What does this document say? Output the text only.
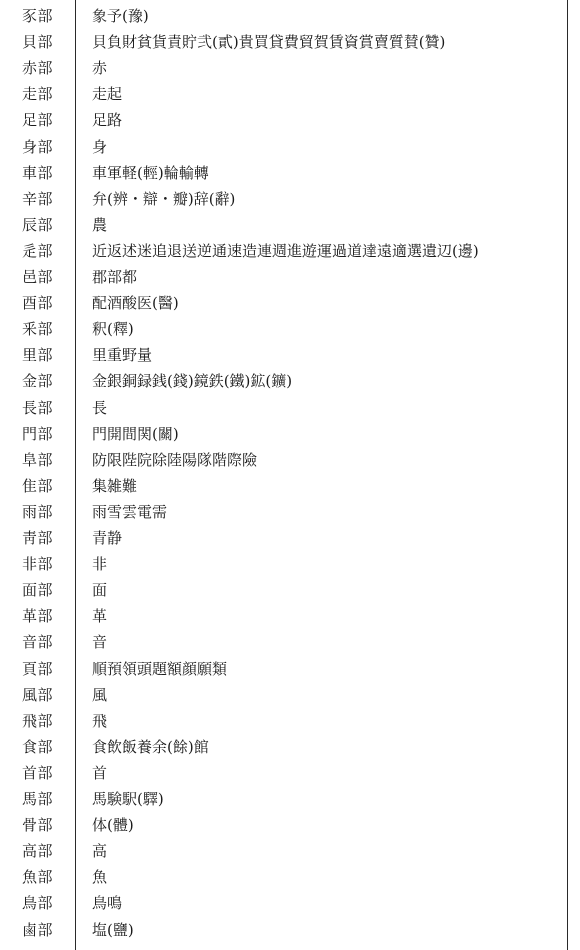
豕部	象予(豫)
貝部	貝負財貧貨責貯弐(貳)貴買貸費貿賀賃資賞賣質賛(贊)
赤部	赤
走部	走起
足部	足路
身部	身
車部	車軍軽(輕)輪輸轉
辛部	弁(辨・辯・瓣)辞(辭)
辰部	農
辵部	近返述迷追退送逆通速造連週進遊運過道達遠適選遺辺(邊)
邑部	郡部都
酉部	配酒酸医(醫)
釆部	釈(釋)
里部	里重野量
金部	金銀銅録銭(錢)鏡鉄(鐵)鉱(鑛)
長部	長
門部	門開間関(關)
阜部	防限陛院除陸陽隊階際險
隹部	集雑難
雨部	雨雪雲電需
靑部	青静
非部	非
面部	面
革部	革
音部	音
頁部	順預領頭題額顔願類
風部	風
飛部	飛
食部	食飲飯養余(餘)館
首部	首
馬部	馬験駅(驛)
骨部	体(體)
高部	高
魚部	魚
鳥部	鳥鳴
鹵部	塩(鹽)
